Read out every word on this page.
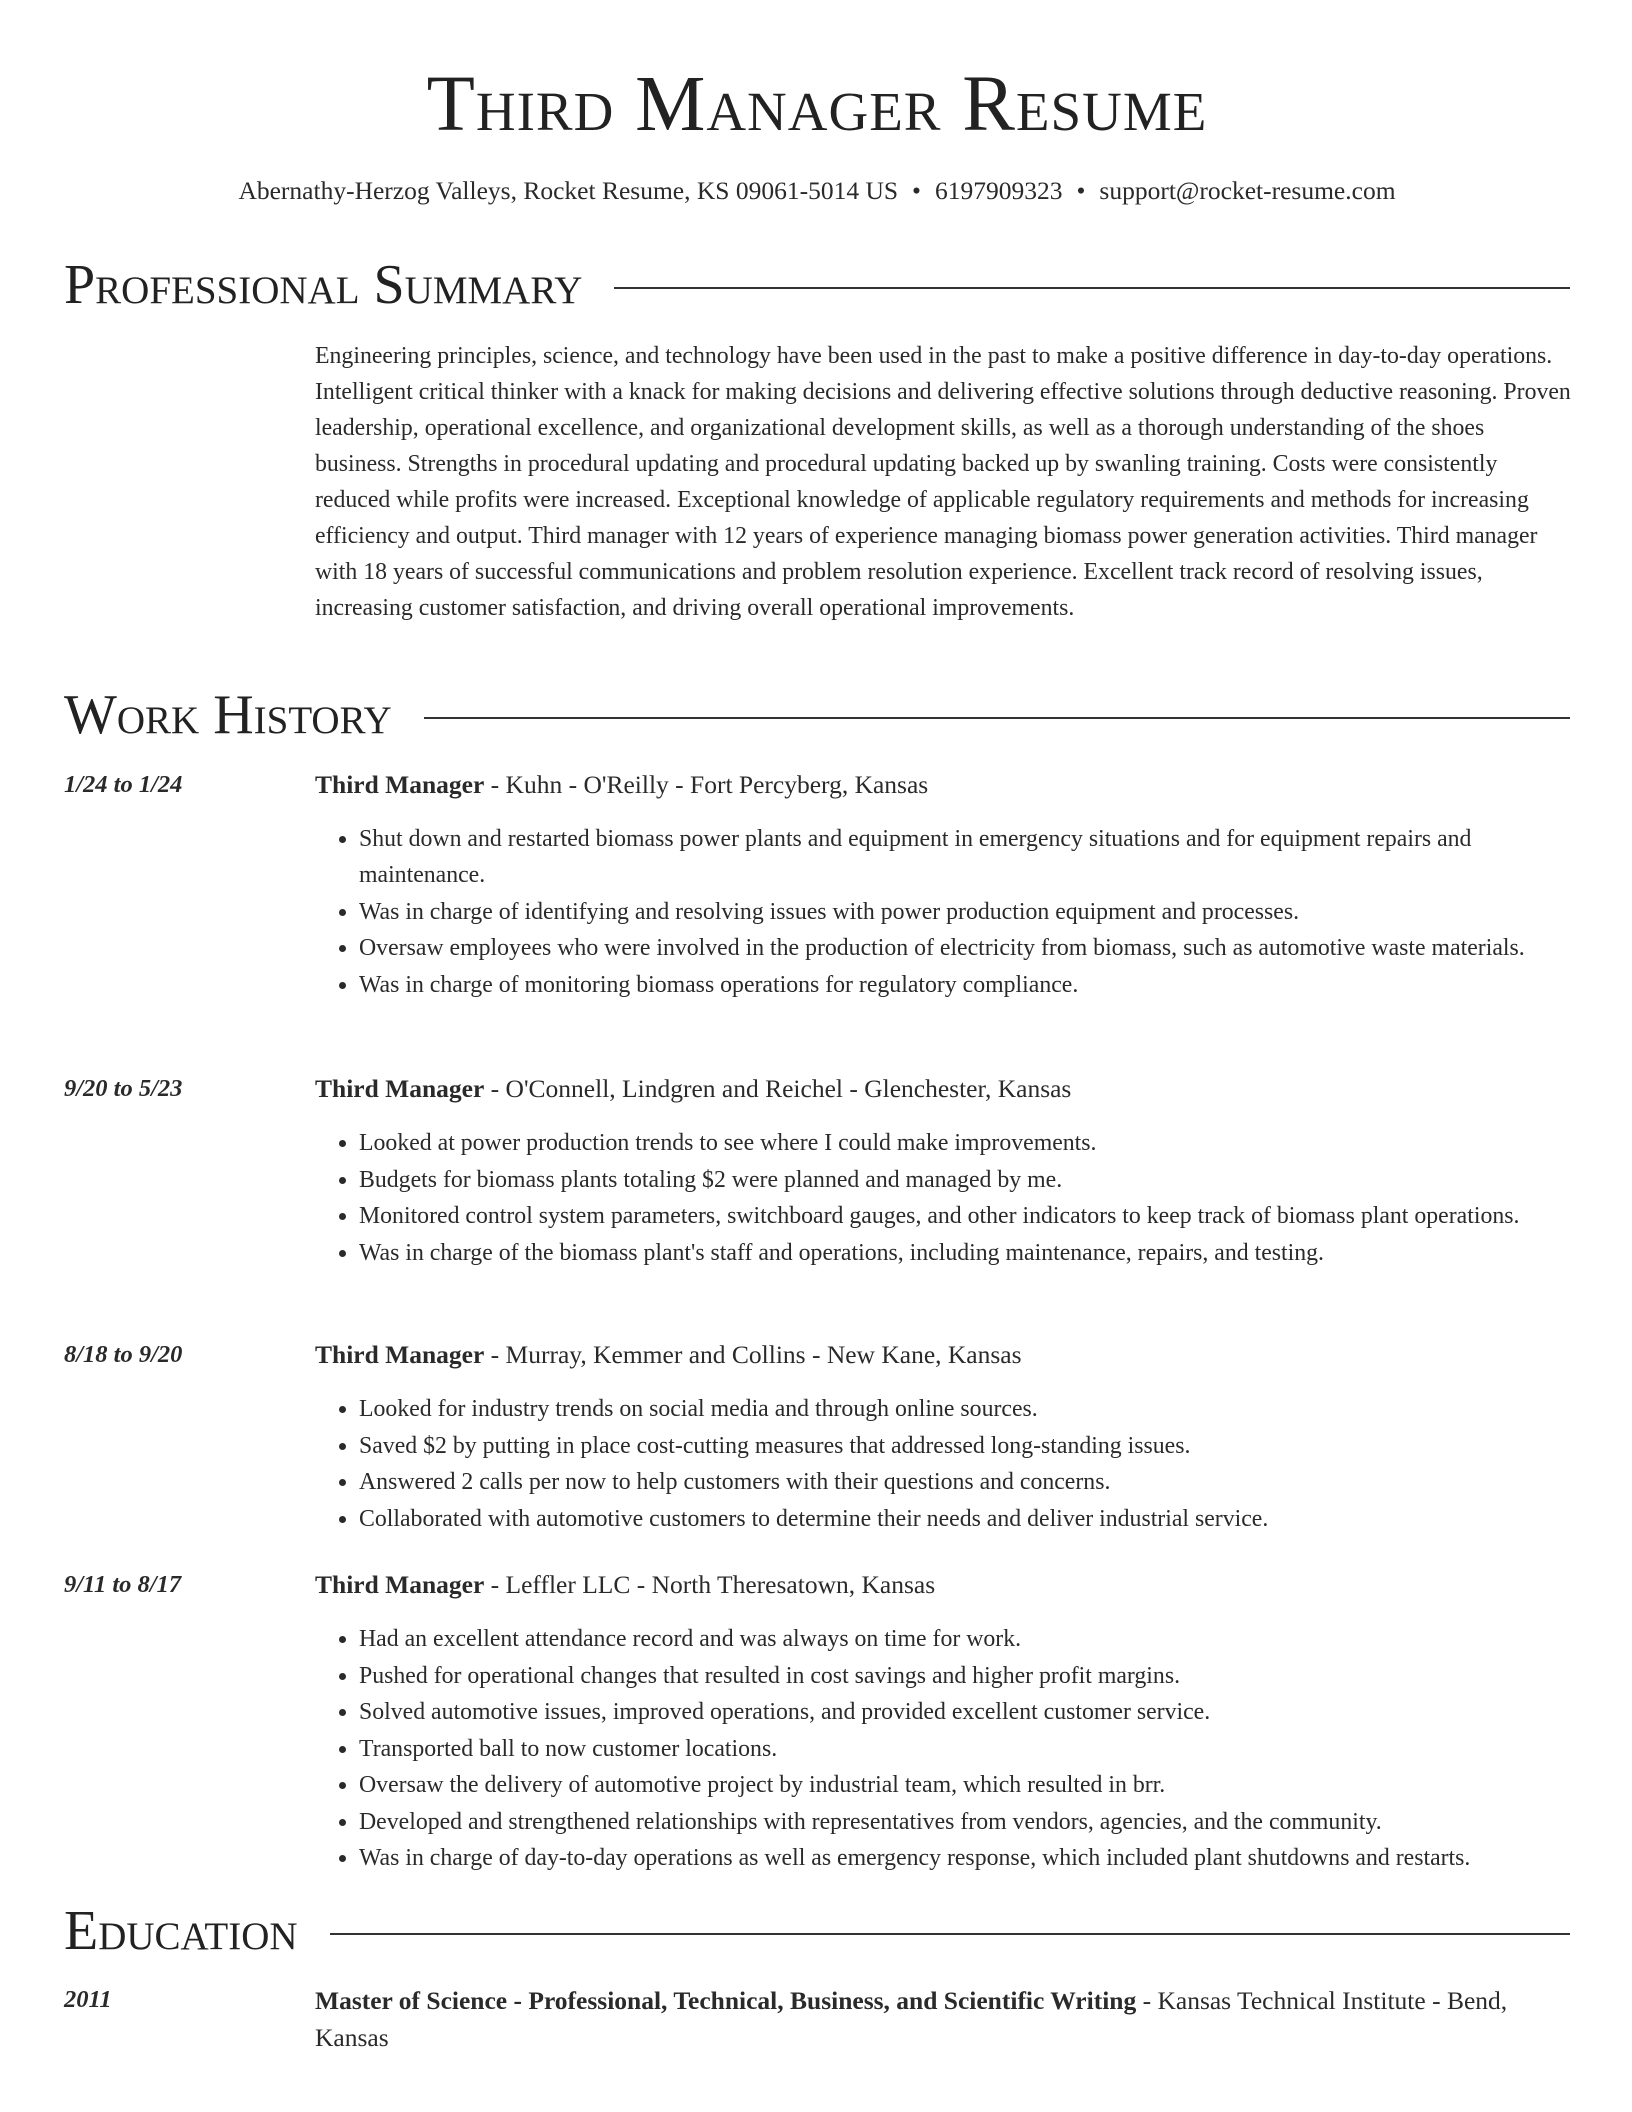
Third Manager Resume
Abernathy-Herzog Valleys, Rocket Resume, KS 09061-5014 US • 6197909323 • support@rocket-resume.com
Professional Summary

Engineering principles, science, and technology have been used in the past to make a positive difference in day-to-day operations. Intelligent critical thinker with a knack for making decisions and delivering effective solutions through deductive reasoning. Proven leadership, operational excellence, and organizational development skills, as well as a thorough understanding of the shoes business. Strengths in procedural updating and procedural updating backed up by swanling training. Costs were consistently reduced while profits were increased. Exceptional knowledge of applicable regulatory requirements and methods for increasing efficiency and output. Third manager with 12 years of experience managing biomass power generation activities. Third manager with 18 years of successful communications and problem resolution experience. Excellent track record of resolving issues, increasing customer satisfaction, and driving overall operational improvements.

Work History
1/24 to 1/24	Third Manager - Kuhn - O'Reilly - Fort Percyberg, Kansas
• Shut down and restarted biomass power plants and equipment in emergency situations and for equipment repairs and maintenance.
• Was in charge of identifying and resolving issues with power production equipment and processes.
• Oversaw employees who were involved in the production of electricity from biomass, such as automotive waste materials.
• Was in charge of monitoring biomass operations for regulatory compliance.
9/20 to 5/23	Third Manager - O'Connell, Lindgren and Reichel - Glenchester, Kansas
• Looked at power production trends to see where I could make improvements.
• Budgets for biomass plants totaling $2 were planned and managed by me.
• Monitored control system parameters, switchboard gauges, and other indicators to keep track of biomass plant operations.
• Was in charge of the biomass plant's staff and operations, including maintenance, repairs, and testing.
8/18 to 9/20	Third Manager - Murray, Kemmer and Collins - New Kane, Kansas
• Looked for industry trends on social media and through online sources.
• Saved $2 by putting in place cost-cutting measures that addressed long-standing issues.
• Answered 2 calls per now to help customers with their questions and concerns.
• Collaborated with automotive customers to determine their needs and deliver industrial service.
9/11 to 8/17	Third Manager - Leffler LLC - North Theresatown, Kansas
• Had an excellent attendance record and was always on time for work.
• Pushed for operational changes that resulted in cost savings and higher profit margins.
• Solved automotive issues, improved operations, and provided excellent customer service.
• Transported ball to now customer locations.
• Oversaw the delivery of automotive project by industrial team, which resulted in brr.
• Developed and strengthened relationships with representatives from vendors, agencies, and the community.
• Was in charge of day-to-day operations as well as emergency response, which included plant shutdowns and restarts.
Education
2011	Master of Science - Professional, Technical, Business, and Scientific Writing - Kansas Technical Institute - Bend, Kansas
